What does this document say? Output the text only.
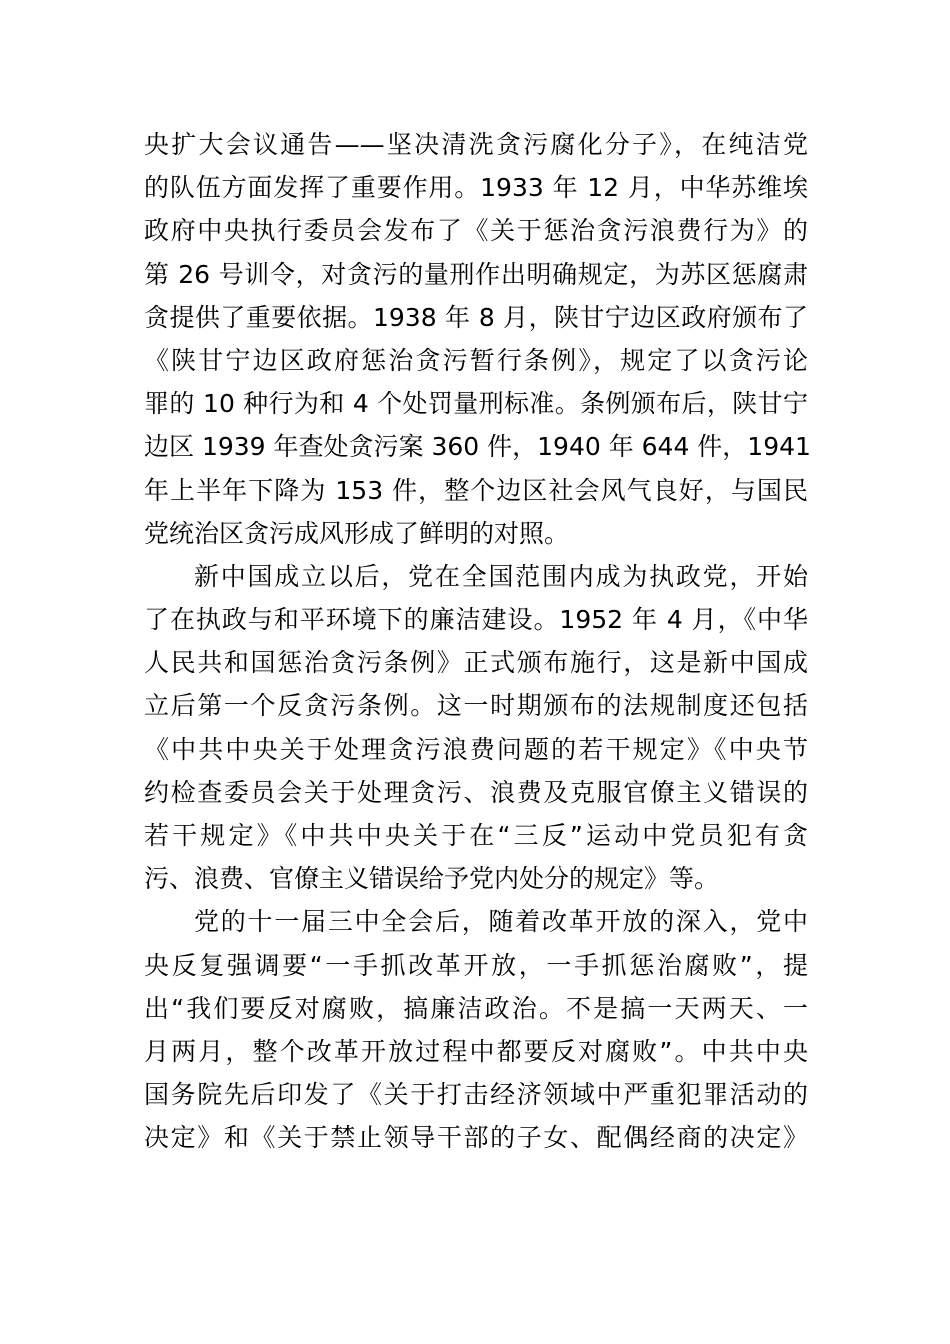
央扩大会议通告——坚决清洗贪污腐化分子》，在纯洁党
的队伍方面发挥了重要作用。1933 年 12 月，中华苏维埃
政府中央执行委员会发布了《关于惩治贪污浪费行为》的
第 26 号训令，对贪污的量刑作出明确规定，为苏区惩腐肃
贪提供了重要依据。1938 年 8 月，陕甘宁边区政府颁布了
《陕甘宁边区政府惩治贪污暂行条例》，规定了以贪污论
罪的 10 种行为和 4 个处罚量刑标准。条例颁布后，陕甘宁
边区 1939 年查处贪污案 360 件，1940 年 644 件，1941
年上半年下降为 153 件，整个边区社会风气良好，与国民
党统治区贪污成风形成了鲜明的对照。
新中国成立以后，党在全国范围内成为执政党，开始
了在执政与和平环境下的廉洁建设。1952 年 4 月，《中华
人民共和国惩治贪污条例》正式颁布施行，这是新中国成
立后第一个反贪污条例。这一时期颁布的法规制度还包括
《中共中央关于处理贪污浪费问题的若干规定》《中央节
约检查委员会关于处理贪污、浪费及克服官僚主义错误的
若干规定》《中共中央关于在“三反”运动中党员犯有贪
污、浪费、官僚主义错误给予党内处分的规定》等。
党的十一届三中全会后，随着改革开放的深入，党中
央反复强调要“一手抓改革开放，一手抓惩治腐败”，提
出“我们要反对腐败，搞廉洁政治。不是搞一天两天、一
月两月，整个改革开放过程中都要反对腐败”。中共中央
国务院先后印发了《关于打击经济领域中严重犯罪活动的
决定》和《关于禁止领导干部的子女、配偶经商的决定》
